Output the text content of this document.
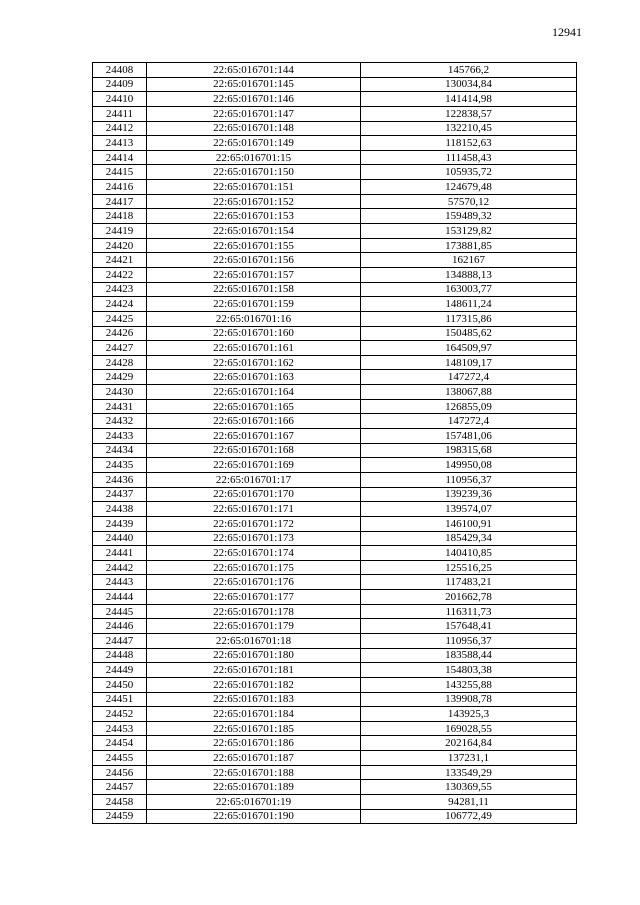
12941
24408	22:65:016701:144	145766,2
24409	22:65:016701:145	130034,84
24410	22:65:016701:146	141414,98
24411	22:65:016701:147	122838,57
24412	22:65:016701:148	132210,45
24413	22:65:016701:149	118152,63
24414	22:65:016701:15	111458,43
24415	22:65:016701:150	105935,72
24416	22:65:016701:151	124679,48
24417	22:65:016701:152	57570,12
24418	22:65:016701:153	159489,32
24419	22:65:016701:154	153129,82
24420	22:65:016701:155	173881,85
24421	22:65:016701:156	162167
24422	22:65:016701:157	134888,13
24423	22:65:016701:158	163003,77
24424	22:65:016701:159	148611,24
24425	22:65:016701:16	117315,86
24426	22:65:016701:160	150485,62
24427	22:65:016701:161	164509,97
24428	22:65:016701:162	148109,17
24429	22:65:016701:163	147272,4
24430	22:65:016701:164	138067,88
24431	22:65:016701:165	126855,09
24432	22:65:016701:166	147272,4
24433	22:65:016701:167	157481,06
24434	22:65:016701:168	198315,68
24435	22:65:016701:169	149950,08
24436	22:65:016701:17	110956,37
24437	22:65:016701:170	139239,36
24438	22:65:016701:171	139574,07
24439	22:65:016701:172	146100,91
24440	22:65:016701:173	185429,34
24441	22:65:016701:174	140410,85
24442	22:65:016701:175	125516,25
24443	22:65:016701:176	117483,21
24444	22:65:016701:177	201662,78
24445	22:65:016701:178	116311,73
24446	22:65:016701:179	157648,41
24447	22:65:016701:18	110956,37
24448	22:65:016701:180	183588,44
24449	22:65:016701:181	154803,38
24450	22:65:016701:182	143255,88
24451	22:65:016701:183	139908,78
24452	22:65:016701:184	143925,3
24453	22:65:016701:185	169028,55
24454	22:65:016701:186	202164,84
24455	22:65:016701:187	137231,1
24456	22:65:016701:188	133549,29
24457	22:65:016701:189	130369,55
24458	22:65:016701:19	94281,11
24459	22:65:016701:190	106772,49
